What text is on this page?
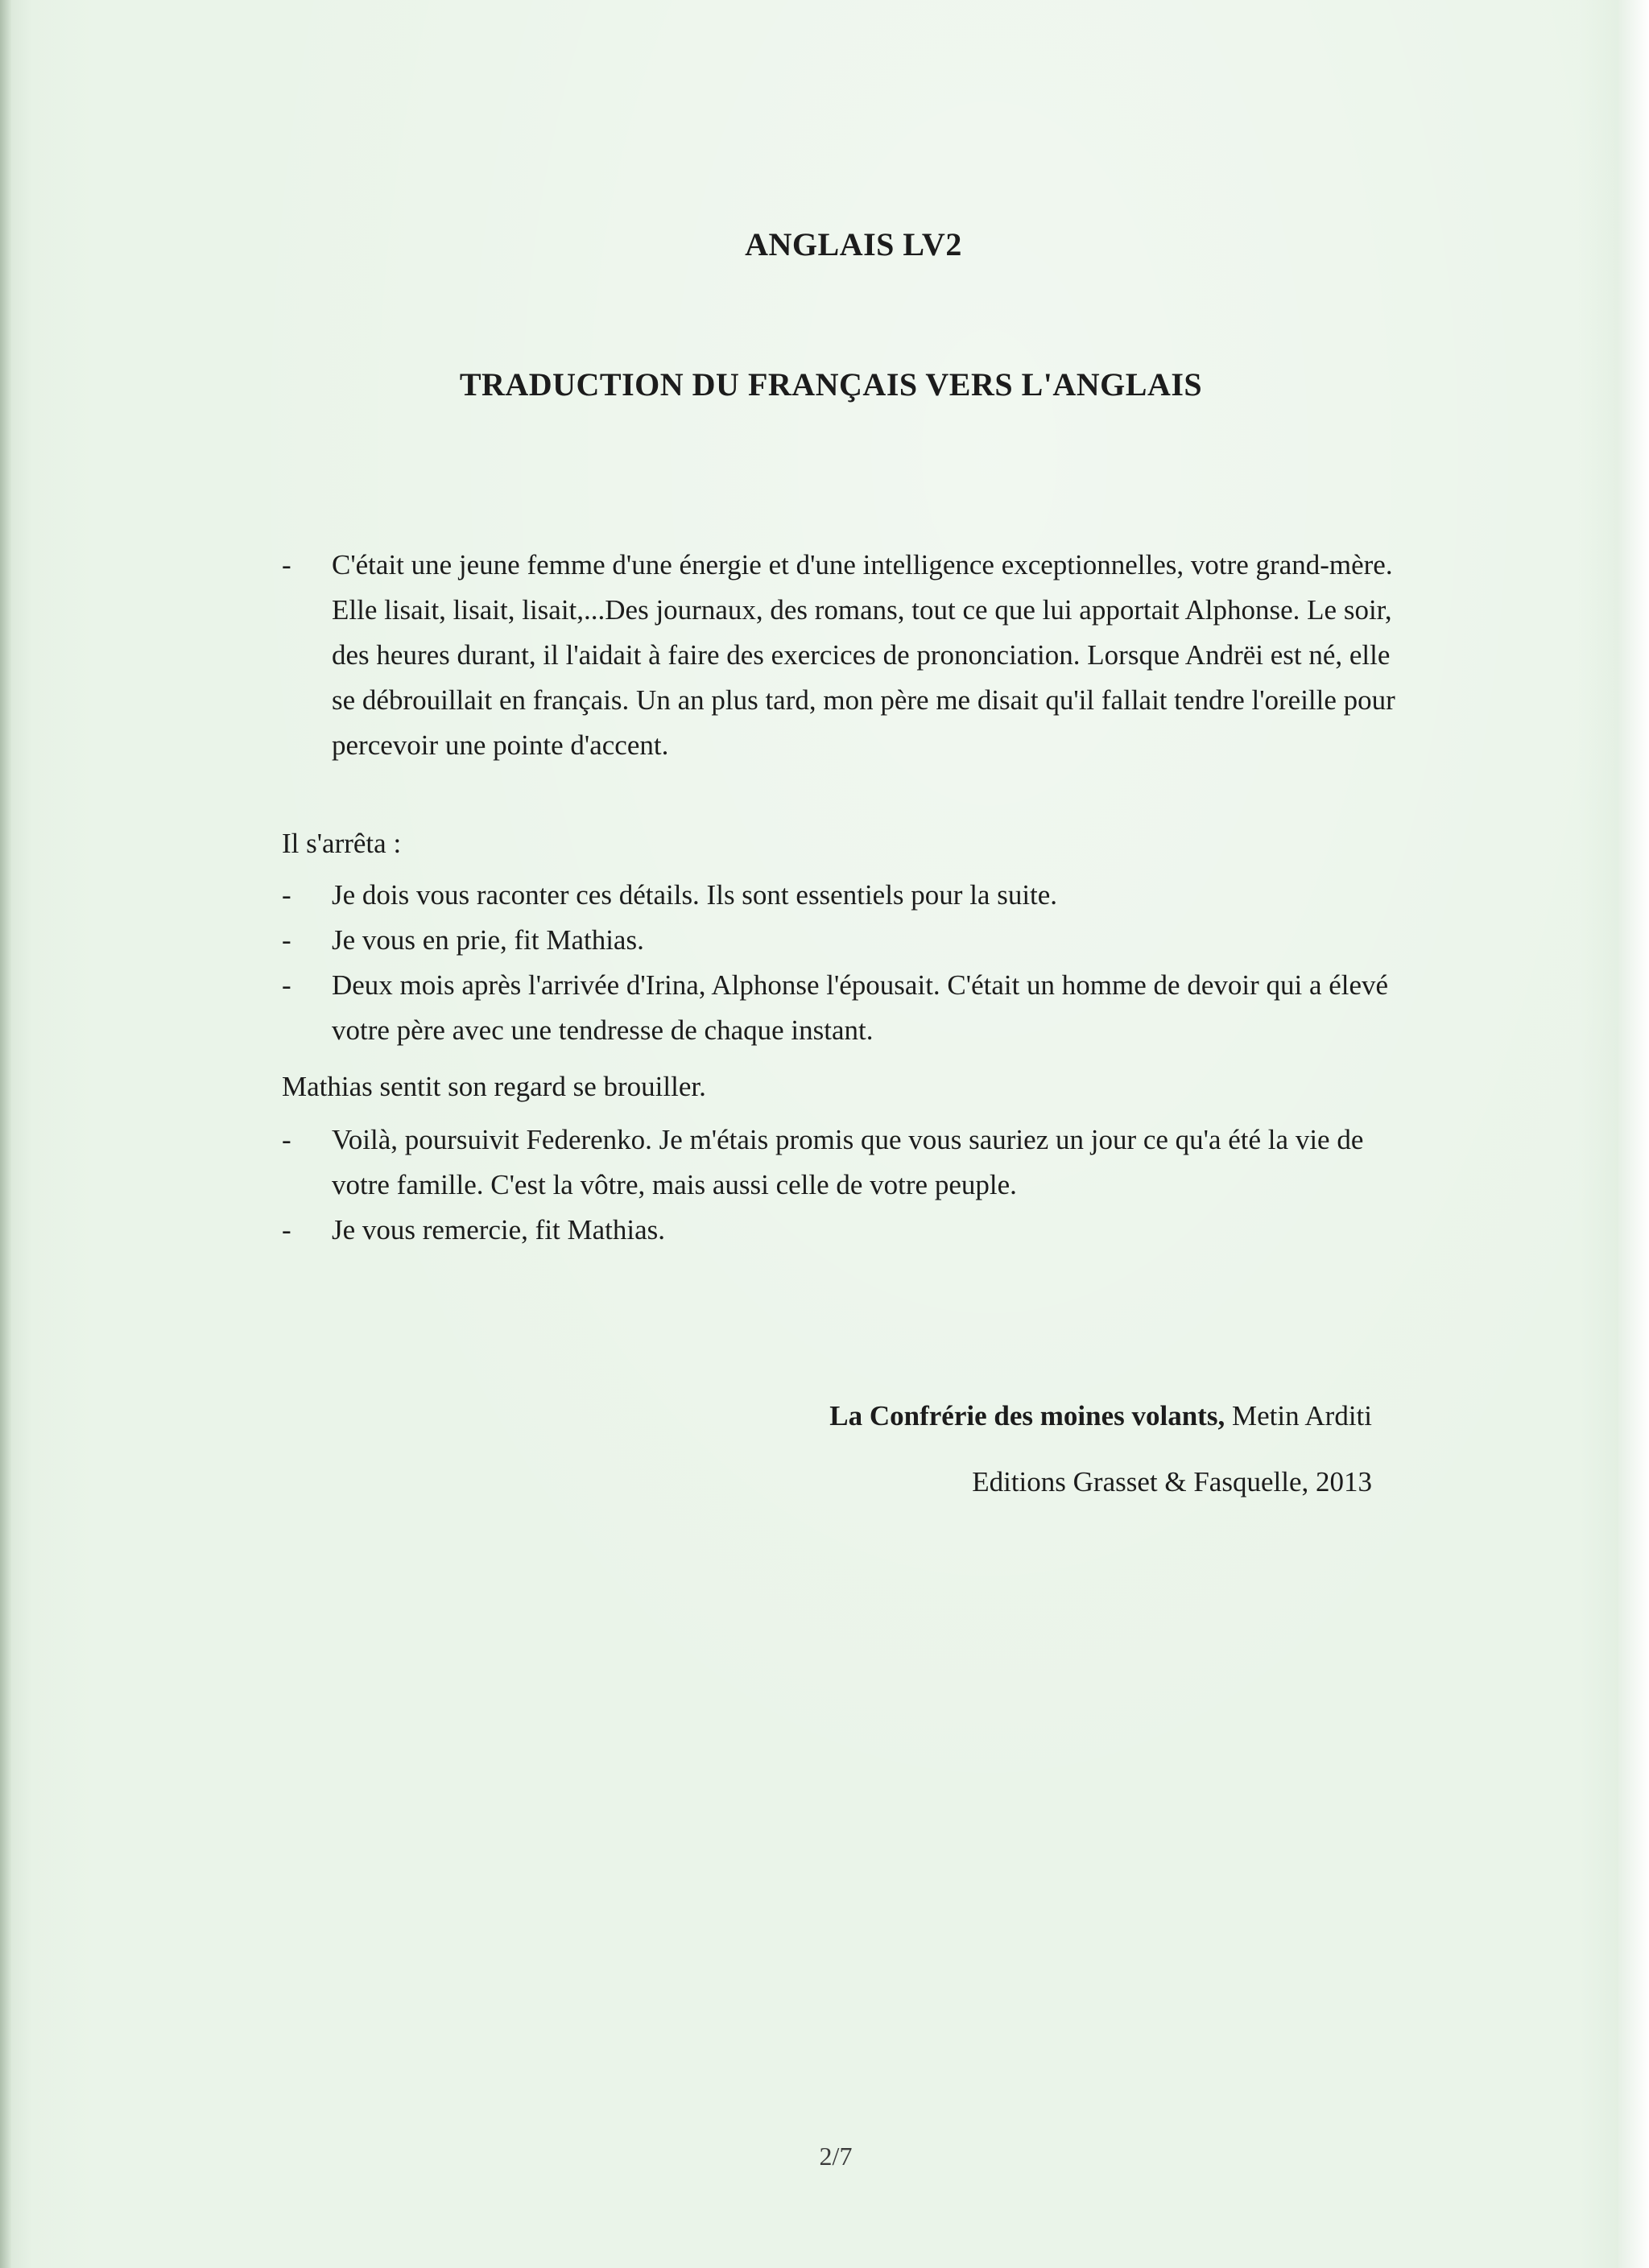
ANGLAIS LV2
TRADUCTION DU FRANÇAIS VERS L'ANGLAIS
- C'était une jeune femme d'une énergie et d'une intelligence exceptionnelles, votre grand-mère. Elle lisait, lisait, lisait,...Des journaux, des romans, tout ce que lui apportait Alphonse. Le soir, des heures durant, il l'aidait à faire des exercices de prononciation. Lorsque Andrëi est né, elle se débrouillait en français. Un an plus tard, mon père me disait qu'il fallait tendre l'oreille pour percevoir une pointe d'accent.

Il s'arrêta :

- Je dois vous raconter ces détails. Ils sont essentiels pour la suite.
- Je vous en prie, fit Mathias.
- Deux mois après l'arrivée d'Irina, Alphonse l'épousait. C'était un homme de devoir qui a élevé votre père avec une tendresse de chaque instant.

Mathias sentit son regard se brouiller.

- Voilà, poursuivit Federenko. Je m'étais promis que vous sauriez un jour ce qu'a été la vie de votre famille. C'est la vôtre, mais aussi celle de votre peuple.
- Je vous remercie, fit Mathias.
La Confrérie des moines volants, Metin Arditi
Editions Grasset & Fasquelle, 2013
2/7
